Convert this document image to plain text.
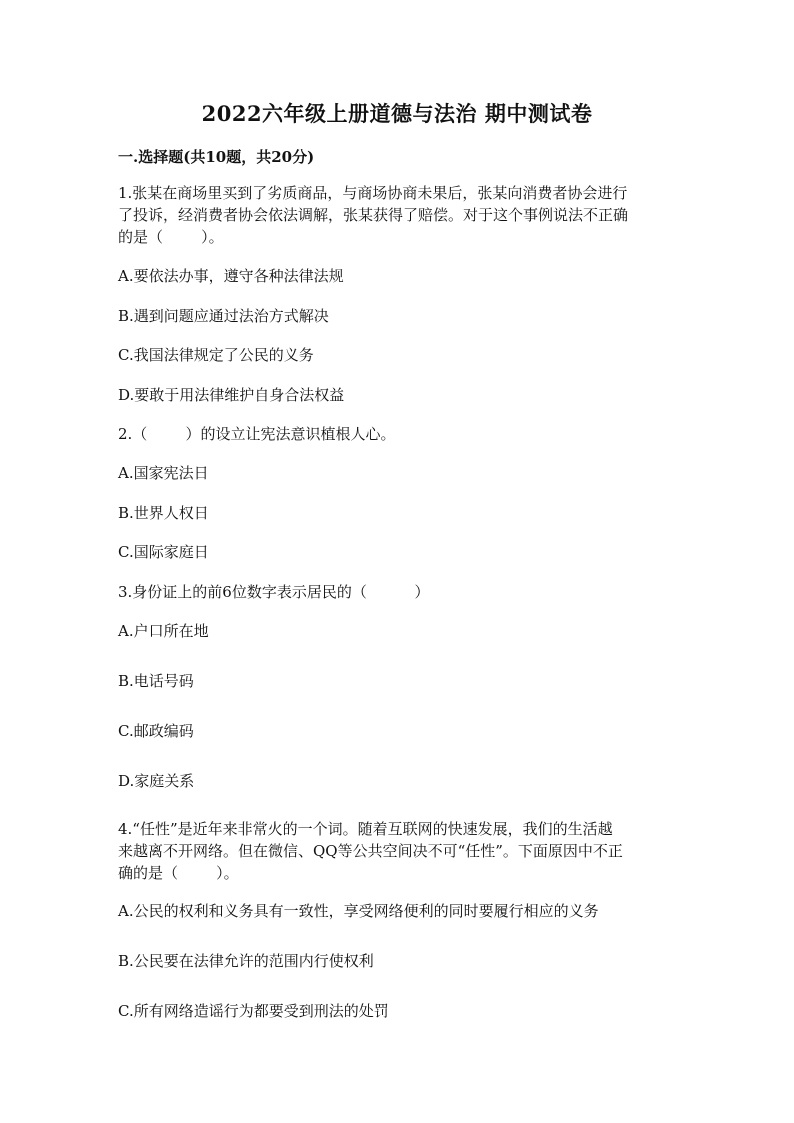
2022六年级上册道德与法治 期中测试卷
一.选择题(共10题，共20分)
1.张某在商场里买到了劣质商品，与商场协商未果后，张某向消费者协会进行
了投诉，经消费者协会依法调解，张某获得了赔偿。对于这个事例说法不正确
的是（        ）。
A.要依法办事，遵守各种法律法规
B.遇到问题应通过法治方式解决
C.我国法律规定了公民的义务
D.要敢于用法律维护自身合法权益
2.（        ）的设立让宪法意识植根人心。
A.国家宪法日
B.世界人权日
C.国际家庭日
3.身份证上的前6位数字表示居民的（          ）
A.户口所在地
B.电话号码
C.邮政编码
D.家庭关系
4.“任性”是近年来非常火的一个词。随着互联网的快速发展，我们的生活越
来越离不开网络。但在微信、QQ等公共空间决不可“任性”。下面原因中不正
确的是（        ）。
A.公民的权利和义务具有一致性，享受网络便利的同时要履行相应的义务
B.公民要在法律允许的范围内行使权利
C.所有网络造谣行为都要受到刑法的处罚
